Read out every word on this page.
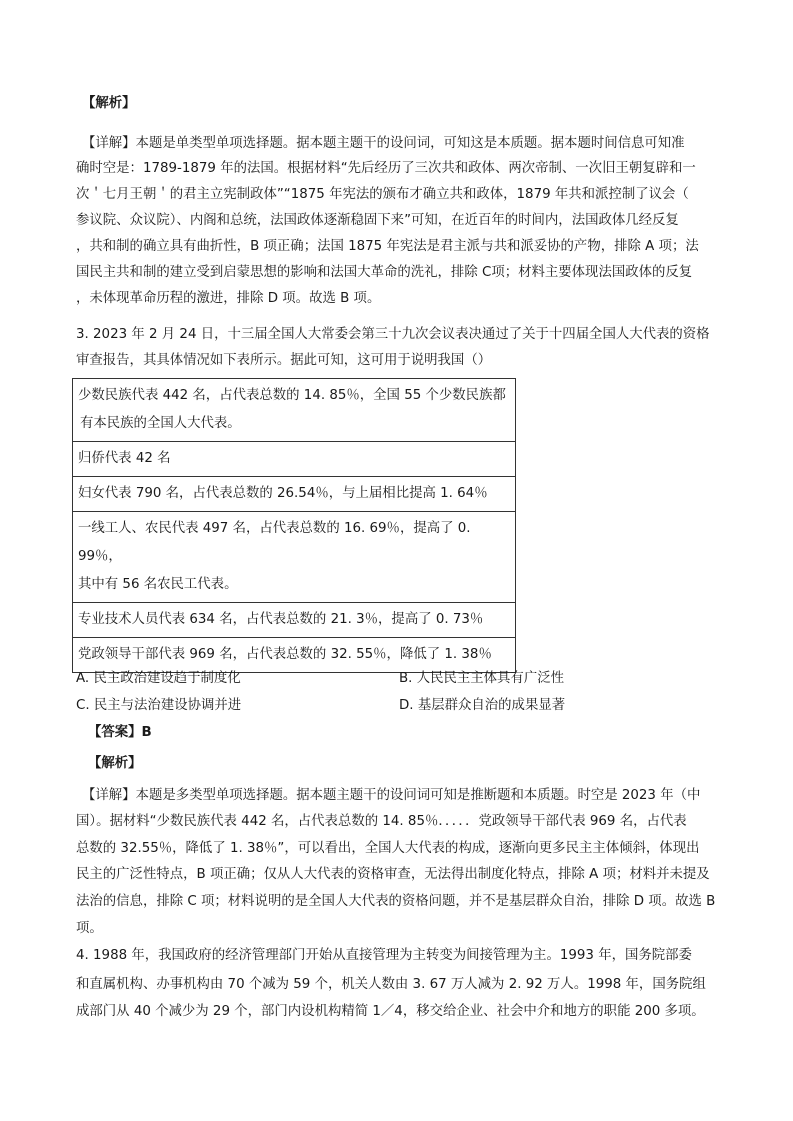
【解析】
【详解】本题是单类型单项选择题。据本题主题干的设问词，可知这是本质题。据本题时间信息可知准
确时空是：1789-1879 年的法国。根据材料“先后经历了三次共和政体、两次帝制、一次旧王朝复辟和一
次＇七月王朝＇的君主立宪制政体”“1875 年宪法的颁布才确立共和政体，1879 年共和派控制了议会（
参议院、众议院）、内阁和总统，法国政体逐渐稳固下来”可知，在近百年的时间内，法国政体几经反复
，共和制的确立具有曲折性，B 项正确；法国 1875 年宪法是君主派与共和派妥协的产物，排除 A 项；法
国民主共和制的建立受到启蒙思想的影响和法国大革命的洗礼，排除 C项；材料主要体现法国政体的反复
，未体现革命历程的激进，排除 D 项。故选 B 项。
3. 2023 年 2 月 24 日，十三届全国人大常委会第三十九次会议表决通过了关于十四届全国人大代表的资格
审查报告，其具体情况如下表所示。据此可知，这可用于说明我国（）
少数民族代表 442 名，占代表总数的 14. 85％，全国 55 个少数民族都
有本民族的全国人大代表。

归侨代表 42 名

妇女代表 790 名，占代表总数的 26.54％，与上届相比提高 1. 64％

一线工人、农民代表 497 名，占代表总数的 16. 69％，提高了 0. 99％，
其中有 56 名农民工代表。

专业技术人员代表 634 名，占代表总数的 21. 3％，提高了 0. 73％

党政领导干部代表 969 名，占代表总数的 32. 55％，降低了 1. 38％
A. 民主政治建设趋于制度化	B. 人民民主主体具有广泛性
C. 民主与法治建设协调并进	D. 基层群众自治的成果显著
【答案】B
【解析】
【详解】本题是多类型单项选择题。据本题主题干的设问词可知是推断题和本质题。时空是 2023 年（中
国）。据材料“少数民族代表 442 名，占代表总数的 14. 85％．．．．．党政领导干部代表 969 名，占代表
总数的 32.55％，降低了 1. 38％”，可以看出，全国人大代表的构成，逐渐向更多民主主体倾斜，体现出
民主的广泛性特点，B 项正确；仅从人大代表的资格审查，无法得出制度化特点，排除 A 项；材料并未提及
法治的信息，排除 C 项；材料说明的是全国人大代表的资格问题，并不是基层群众自治，排除 D 项。故选 B
项。
4. 1988 年，我国政府的经济管理部门开始从直接管理为主转变为间接管理为主。1993 年，国务院部委
和直属机构、办事机构由 70 个减为 59 个，机关人数由 3. 67 万人减为 2. 92 万人。1998 年，国务院组
成部门从 40 个减少为 29 个，部门内设机构精简 1／4，移交给企业、社会中介和地方的职能 200 多项。
